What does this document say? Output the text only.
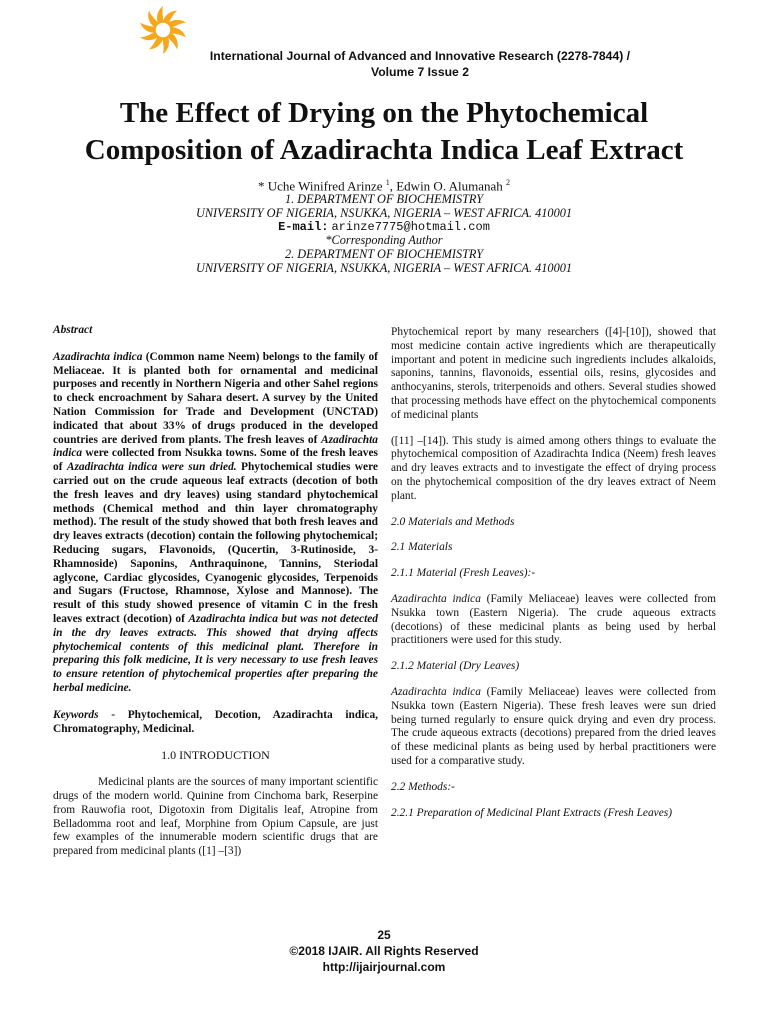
International Journal of Advanced and Innovative Research (2278-7844) /
Volume 7 Issue 2
The Effect of Drying on the Phytochemical
Composition of Azadirachta Indica Leaf Extract
* Uche Winifred Arinze $^1$, Edwin O. Alumanah $^2$
1. DEPARTMENT OF BIOCHEMISTRY
UNIVERSITY OF NIGERIA, NSUKKA, NIGERIA – WEST AFRICA. 410001
E-mail: arinze7775@hotmail.com
*Corresponding Author
2. DEPARTMENT OF BIOCHEMISTRY
UNIVERSITY OF NIGERIA, NSUKKA, NIGERIA – WEST AFRICA. 410001

Abstract

Azadirachta indica (Common name Neem) belongs to the family of Meliaceae. It is planted both for ornamental and medicinal purposes and recently in Northern Nigeria and other Sahel regions to check encroachment by Sahara desert. A survey by the United Nation Commission for Trade and Development (UNCTAD) indicated that about 33% of drugs produced in the developed countries are derived from plants. The fresh leaves of Azadirachta indica were collected from Nsukka towns. Some of the fresh leaves of Azadirachta indica were sun dried. Phytochemical studies were carried out on the crude aqueous leaf extracts (decotion of both the fresh leaves and dry leaves) using standard phytochemical methods (Chemical method and thin layer chromatography method). The result of the study showed that both fresh leaves and dry leaves extracts (decotion) contain the following phytochemical; Reducing sugars, Flavonoids, (Qucertin, 3-Rutinoside, 3-Rhamnoside) Saponins, Anthraquinone, Tannins, Steriodal aglycone, Cardiac glycosides, Cyanogenic glycosides, Terpenoids and Sugars (Fructose, Rhamnose, Xylose and Mannose). The result of this study showed presence of vitamin C in the fresh leaves extract (decotion) of Azadirachta indica but was not detected in the dry leaves extracts. This showed that drying affects phytochemical contents of this medicinal plant. Therefore in preparing this folk medicine, It is very necessary to use fresh leaves to ensure retention of phytochemical properties after preparing the herbal medicine.

Keywords - Phytochemical, Decotion, Azadirachta indica, Chromatography, Medicinal.

1.0 INTRODUCTION

Medicinal plants are the sources of many important scientific drugs of the modern world. Quinine from Cinchoma bark, Reserpine from Rauwofia root, Digotoxin from Digitalis leaf, Atropine from Belladomma root and leaf, Morphine from Opium Capsule, are just few examples of the innumerable modern scientific drugs that are prepared from medicinal plants ([1] –[3])

Phytochemical report by many researchers ([4]-[10]), showed that most medicine contain active ingredients which are therapeutically important and potent in medicine such ingredients includes alkaloids, saponins, tannins, flavonoids, essential oils, resins, glycosides and anthocyanins, sterols, triterpenoids and others. Several studies showed that processing methods have effect on the phytochemical components of medicinal plants

([11] –[14]). This study is aimed among others things to evaluate the phytochemical composition of Azadirachta Indica (Neem) fresh leaves and dry leaves extracts and to investigate the effect of drying process on the phytochemical composition of the dry leaves extract of Neem plant.

2.0 Materials and Methods

2.1 Materials

2.1.1 Material (Fresh Leaves):-

Azadirachta indica (Family Meliaceae) leaves were collected from Nsukka town (Eastern Nigeria). The crude aqueous extracts (decotions) of these medicinal plants as being used by herbal practitioners were used for this study.

2.1.2 Material (Dry Leaves)

Azadirachta indica (Family Meliaceae) leaves were collected from Nsukka town (Eastern Nigeria). These fresh leaves were sun dried being turned regularly to ensure quick drying and even dry process. The crude aqueous extracts (decotions) prepared from the dried leaves of these medicinal plants as being used by herbal practitioners were used for a comparative study.

2.2 Methods:-

2.2.1 Preparation of Medicinal Plant Extracts (Fresh Leaves)

25
©2018 IJAIR. All Rights Reserved
http://ijairjournal.com
